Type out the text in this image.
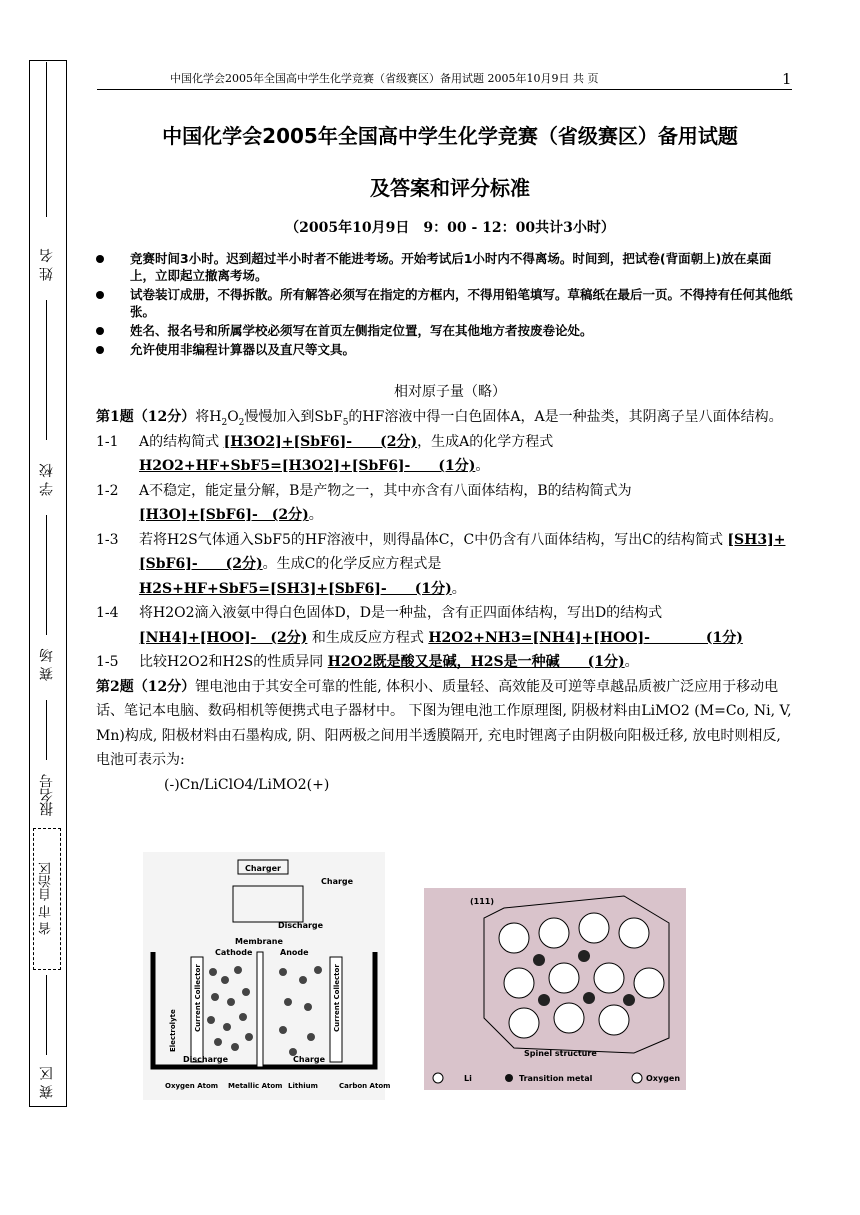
姓 名
学 校
赛 场
报名号
省 市 自治区
赛 区
中国化学会2005年全国高中学生化学竞赛（省级赛区）备用试题 2005年10月9日 共 页	1
中国化学会2005年全国高中学生化学竞赛（省级赛区）备用试题
及答案和评分标准
（2005年10月9日　9：00 - 12：00共计3小时）
竞赛时间3小时。迟到超过半小时者不能进考场。开始考试后1小时内不得离场。时间到，把试卷(背面朝上)放在桌面上，立即起立撤离考场。
试卷装订成册，不得拆散。所有解答必须写在指定的方框内，不得用铅笔填写。草稿纸在最后一页。不得持有任何其他纸张。
姓名、报名号和所属学校必须写在首页左侧指定位置，写在其他地方者按废卷论处。
允许使用非编程计算器以及直尺等文具。
相对原子量（略）

第1题（12分）将$H_2O_2$慢慢加入到SbF$_5$的HF溶液中得一白色固体A，A是一种盐类，其阴离子呈八面体结构。

1-1 A的结构简式 [H3O2]+[SbF6]-　　(2分)，生成A的化学方程式
H2O2+HF+SbF5=[H3O2]+[SbF6]-　　(1分)。

1-2 A不稳定，能定量分解，B是产物之一，其中亦含有八面体结构，B的结构简式为
[H3O]+[SbF6]-　(2分)。

1-3 若将H2S气体通入SbF5的HF溶液中，则得晶体C，C中仍含有八面体结构，写出C的结构简式 [SH3]+[SbF6]-　　(2分)。生成C的化学反应方程式是
H2S+HF+SbF5=[SH3]+[SbF6]-　　(1分)。

1-4 将H2O2滴入液氨中得白色固体D，D是一种盐，含有正四面体结构，写出D的结构式
[NH4]+[HOO]-　(2分) 和生成反应方程式 H2O2+NH3=[NH4]+[HOO]-　　　　(1分)

1-5 比较H2O2和H2S的性质异同 H2O2既是酸又是碱，H2S是一种碱　　(1分)。

第2题（12分）锂电池由于其安全可靠的性能, 体积小、质量轻、高效能及可逆等卓越品质被广泛应用于移动电话、笔记本电脑、数码相机等便携式电子器材中。 下图为锂电池工作原理图, 阴极材料由LiMO2 (M=Co, Ni, V, Mn)构成, 阳极材料由石墨构成, 阴、阳两极之间用半透膜隔开, 充电时锂离子由阴极向阳极迁移, 放电时则相反, 电池可表示为:

(-)Cn/LiClO4/LiMO2(+)

Charger
Charge
Discharge
Membrane
Cathode	Anode
Electrolyte Current Collector	Current Collector
Discharge	Charge
Oxygen Atom Metallic Atom Lithium	Carbon Atom
(111)
Spinel structure
Li	Transition metal	Oxygen
